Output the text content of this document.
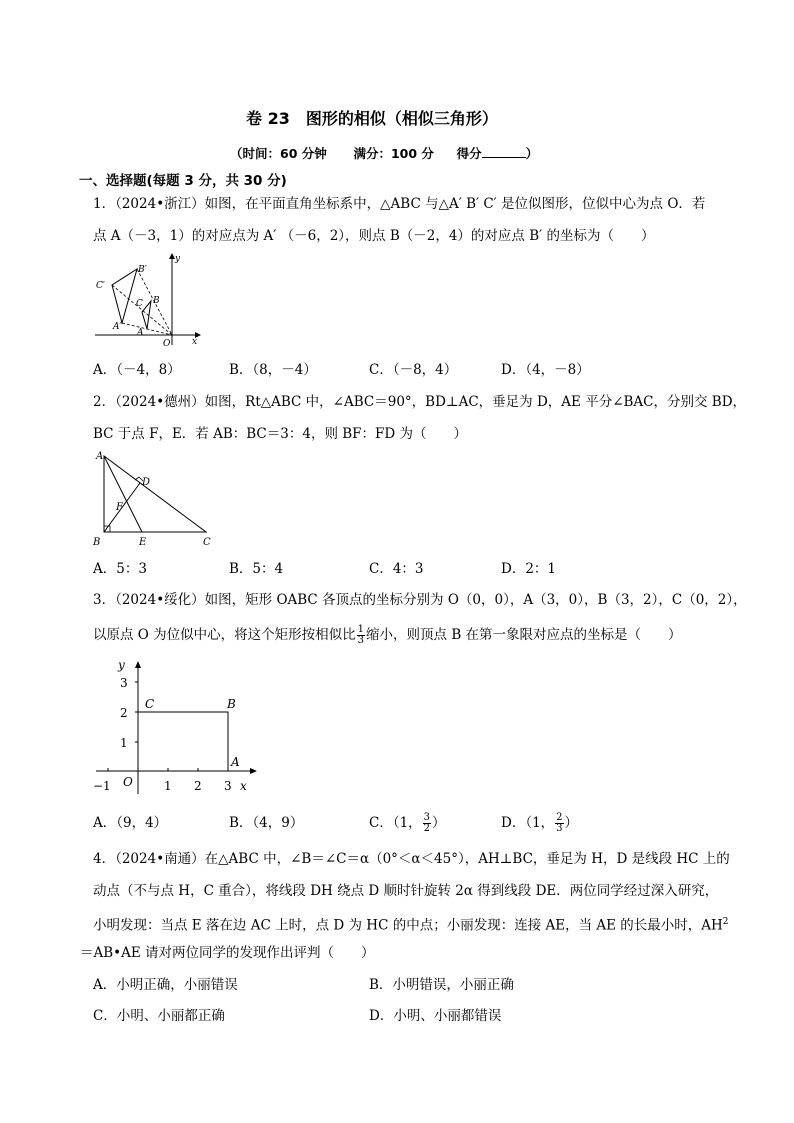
卷 23　图形的相似（相似三角形）
（时间：60 分钟 满分：100 分 得分	）
一、选择题(每题 3 分，共 30 分)
1．（2024•浙江）如图，在平面直角坐标系中，△ABC 与△A′ B′ C′ 是位似图形，位似中心为点 O．若
点 A（－3，1）的对应点为 A′ （－6，2），则点 B（－2，4）的对应点 B′ 的坐标为（　　）
B′
C′
A′
B
C
A
O x
y
A．（－4，8）	B．（8，－4）	C．（－8，4）	D．（4，－8）
2．（2024•德州）如图，Rt△ABC 中，∠ABC＝90°，BD⊥AC，垂足为 D，AE 平分∠BAC，分别交 BD，
BC 于点 F，E．若 AB：BC＝3：4，则 BF：FD 为（　　）
A
B	C
D
E
F
A．5：3	B．5：4	C．4：3	D．2：1
3．（2024•绥化）如图，矩形 OABC 各顶点的坐标分别为 O（0，0），A（3，0），B（3，2），C（0，2），
以原点 O 为位似中心，将这个矩形按相似比 $\frac{1}{3}$ 缩小，则顶点 B 在第一象限对应点的坐标是（　　）
3
2
1
−1	1 2 3
y
x
O
C	B
A
A．（9，4）	B．（4，9）	C．（1， $\frac{3}{2}$ ）	D．（1， $\frac{2}{3}$ ）
4．（2024•南通）在△ABC 中，∠B＝∠C＝α（0°＜α＜45°），AH⊥BC，垂足为 H，D 是线段 HC 上的
动点（不与点 H，C 重合），将线段 DH 绕点 D 顺时针旋转 2α 得到线段 DE．两位同学经过深入研究，
小明发现：当点 E 落在边 AC 上时，点 D 为 HC 的中点；小丽发现：连接 AE，当 AE 的长最小时，$AH^2$
＝AB•AE 请对两位同学的发现作出评判（　　）
A．小明正确，小丽错误	B．小明错误，小丽正确
C．小明、小丽都正确	D．小明、小丽都错误
